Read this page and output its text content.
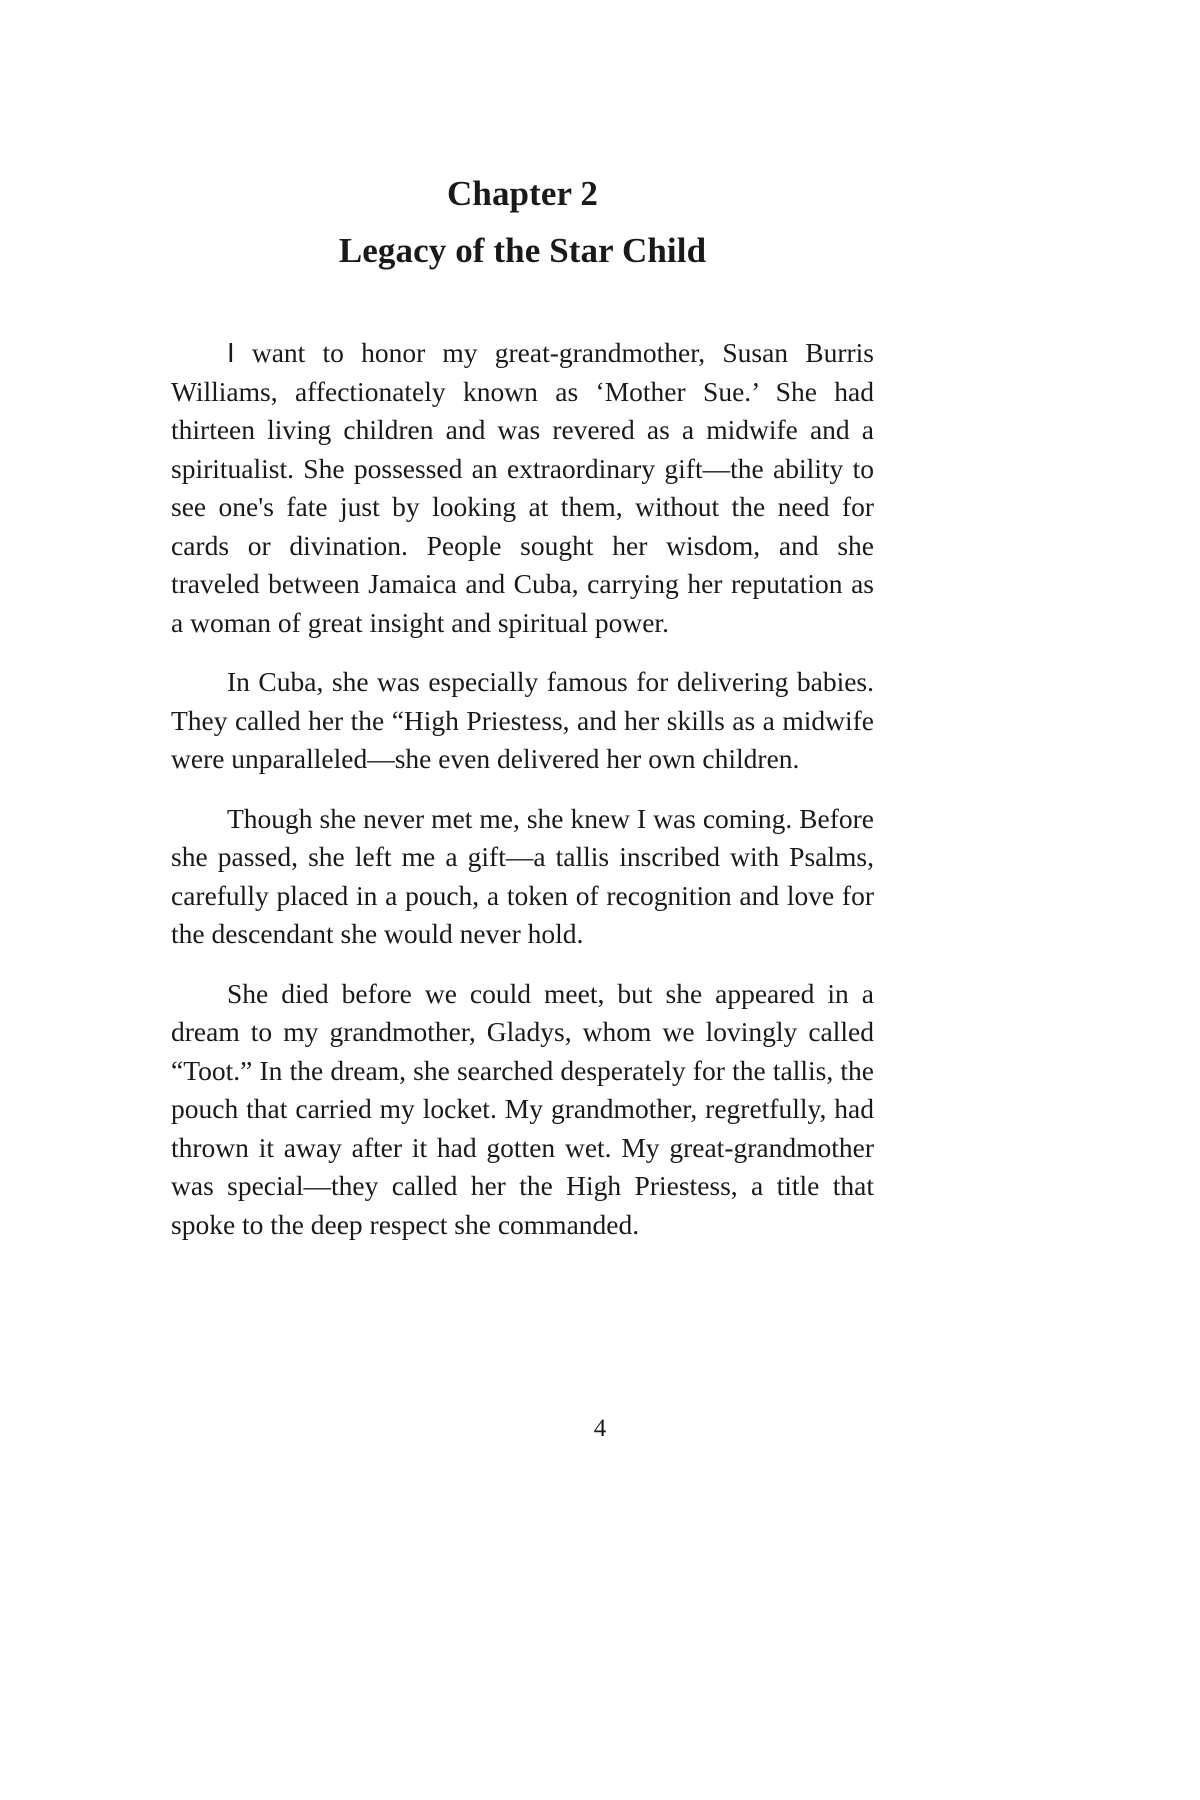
Chapter 2
Legacy of the Star Child

I want to honor my great-grandmother, Susan Burris Williams, affectionately known as ‘Mother Sue.’ She had thirteen living children and was revered as a midwife and a spiritualist. She possessed an extraordinary gift—the ability to see one's fate just by looking at them, without the need for cards or divination. People sought her wisdom, and she traveled between Jamaica and Cuba, carrying her reputation as a woman of great insight and spiritual power.

In Cuba, she was especially famous for delivering babies. They called her the “High Priestess, and her skills as a midwife were unparalleled—she even delivered her own children.

Though she never met me, she knew I was coming. Before she passed, she left me a gift—a tallis inscribed with Psalms, carefully placed in a pouch, a token of recognition and love for the descendant she would never hold.

She died before we could meet, but she appeared in a dream to my grandmother, Gladys, whom we lovingly called “Toot.” In the dream, she searched desperately for the tallis, the pouch that carried my locket. My grandmother, regretfully, had thrown it away after it had gotten wet. My great-grandmother was special—they called her the High Priestess, a title that spoke to the deep respect she commanded.

4
